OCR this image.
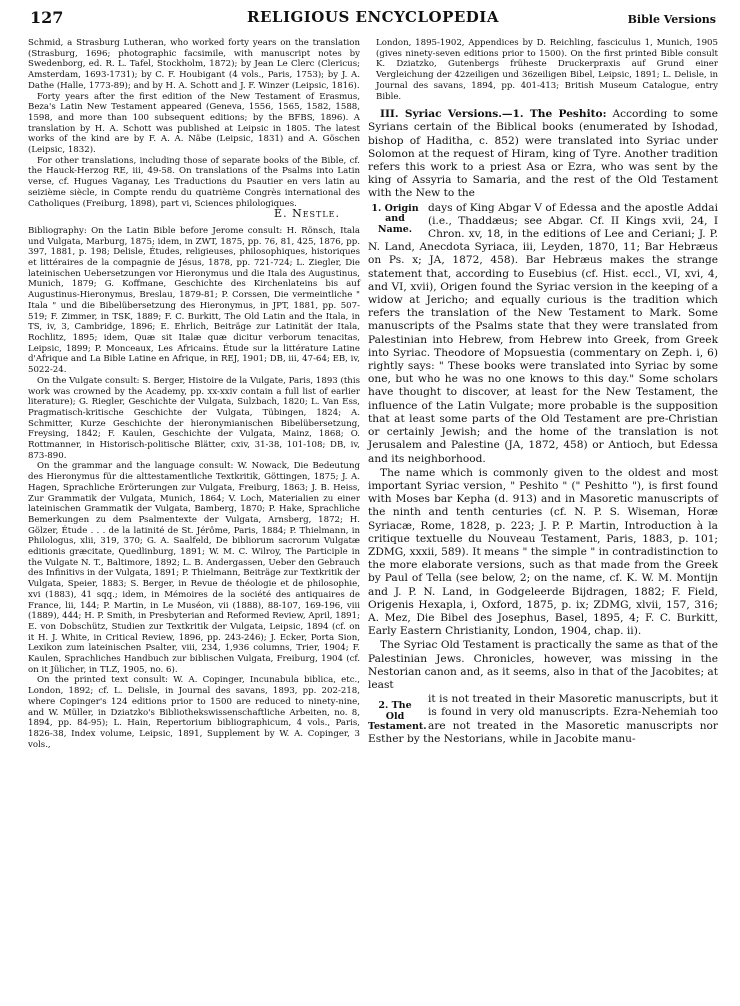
127	RELIGIOUS ENCYCLOPEDIA	Bible Versions

Schmid, a Strasburg Lutheran, who worked forty years on the translation (Strasburg, 1696; photographic facsimile, with manuscript notes by Swedenborg, ed. R. L. Tafel, Stockholm, 1872); by Jean Le Clerc (Clericus; Amsterdam, 1693-1731); by C. F. Houbigant (4 vols., Paris, 1753); by J. A. Dathe (Halle, 1773-89); and by H. A. Schott and J. F. Winzer (Leipsic, 1816).

Forty years after the first edition of the New Testament of Erasmus, Beza's Latin New Testament appeared (Geneva, 1556, 1565, 1582, 1588, 1598, and more than 100 subsequent editions; by the BFBS, 1896). A translation by H. A. Schott was published at Leipsic in 1805. The latest works of the kind are by F. A. A. Näbe (Leipsic, 1831) and A. Göschen (Leipsic, 1832).

For other translations, including those of separate books of the Bible, cf. the Hauck-Herzog RE, iii, 49-58. On translations of the Psalms into Latin verse, cf. Hugues Vaganay, Les Traductions du Psautier en vers latin au seizième siècle, in Compte rendu du quatrième Congrès international des Catholiques (Freiburg, 1898), part vi, Sciences philologiques.

E. Nestle.

Bibliography: On the Latin Bible before Jerome consult: H. Rönsch, Itala und Vulgata, Marburg, 1875; idem, in ZWT, 1875, pp. 76, 81, 425, 1876, pp. 397, 1881, p. 198; Delisle, Études, religieuses, philosophiques, historiques et littéraires de la compagnie de Jésus, 1878, pp. 721-724; L. Ziegler, Die lateinischen Uebersetzungen vor Hieronymus und die Itala des Augustinus, Munich, 1879; G. Koffmane, Geschichte des Kirchenlateins bis auf Augustinus-Hieronymus, Breslau, 1879-81; P. Corssen, Die vermeintliche " Itala " und die Bibelübersetzung des Hieronymus, in JPT, 1881, pp. 507-519; F. Zimmer, in TSK, 1889; F. C. Burkitt, The Old Latin and the Itala, in TS, iv, 3, Cambridge, 1896; E. Ehrlich, Beiträge zur Latinität der Itala, Rochlitz, 1895; idem, Quæ sit Italæ quæ dicitur verborum tenacitas, Leipsic, 1899; P. Monceaux, Les Africains. Étude sur la littérature Latine d'Afrique and La Bible Latine en Afrique, in REJ, 1901; DB, iii, 47-64; EB, iv, 5022-24.

On the Vulgate consult: S. Berger, Histoire de la Vulgate, Paris, 1893 (this work was crowned by the Academy, pp. xx-xxiv contain a full list of earlier literature); G. Riegler, Geschichte der Vulgata, Sulzbach, 1820; L. Van Ess, Pragmatisch-kritische Geschichte der Vulgata, Tübingen, 1824; A. Schmitter, Kurze Geschichte der hieronymianischen Bibelübersetzung, Freysing, 1842; F. Kaulen, Geschichte der Vulgata, Mainz, 1868; O. Rottmanner, in Historisch-politische Blätter, cxiv, 31-38, 101-108; DB, iv, 873-890.

On the grammar and the language consult: W. Nowack, Die Bedeutung des Hieronymus für die alttestamentliche Textkritik, Göttingen, 1875; J. A. Hagen, Sprachliche Erörterungen zur Vulgata, Freiburg, 1863; J. B. Heiss, Zur Grammatik der Vulgata, Munich, 1864; V. Loch, Materialien zu einer lateinischen Grammatik der Vulgata, Bamberg, 1870; P. Hake, Sprachliche Bemerkungen zu dem Psalmentexte der Vulgata, Arnsberg, 1872; H. Gölzer, Étude . . . de la latinité de St. Jérôme, Paris, 1884; P. Thielmann, in Philologus, xlii, 319, 370; G. A. Saalfeld, De bibliorum sacrorum Vulgatæ editionis græcitate, Quedlinburg, 1891; W. M. C. Wilroy, The Participle in the Vulgate N. T., Baltimore, 1892; L. B. Andergassen, Ueber den Gebrauch des Infinitivs in der Vulgata, 1891; P. Thielmann, Beiträge zur Textkritik der Vulgata, Speier, 1883; S. Berger, in Revue de théologie et de philosophie, xvi (1883), 41 sqq.; idem, in Mémoires de la société des antiquaires de France, lii, 144; P. Martin, in Le Muséon, vii (1888), 88-107, 169-196, viii (1889), 444; H. P. Smith, in Presbyterian and Reformed Review, April, 1891; E. von Dobschütz, Studien zur Textkritik der Vulgata, Leipsic, 1894 (cf. on it H. J. White, in Critical Review, 1896, pp. 243-246); J. Ecker, Porta Sion, Lexikon zum lateinischen Psalter, viii, 234, 1,936 columns, Trier, 1904; F. Kaulen, Sprachliches Handbuch zur biblischen Vulgata, Freiburg, 1904 (cf. on it Jülicher, in TLZ, 1905, no. 6).

On the printed text consult: W. A. Copinger, Incunabula biblica, etc., London, 1892; cf. L. Delisle, in Journal des savans, 1893, pp. 202-218, where Copinger's 124 editions prior to 1500 are reduced to ninety-nine, and W. Müller, in Dziatzko's Bibliothekswissenschaftliche Arbeiten, no. 8, 1894, pp. 84-95); L. Hain, Repertorium bibliographicum, 4 vols., Paris, 1826-38, Index volume, Leipsic, 1891, Supplement by W. A. Copinger, 3 vols.,

London, 1895-1902, Appendices by D. Reichling, fasciculus 1, Munich, 1905 (gives ninety-seven editions prior to 1500). On the first printed Bible consult K. Dziatzko, Gutenbergs früheste Druckerpraxis auf Grund einer Vergleichung der 42zeiligen und 36zeiligen Bibel, Leipsic, 1891; L. Delisle, in Journal des savans, 1894, pp. 401-413; British Museum Catalogue, entry Bible.

III. Syriac Versions.—1. The Peshito: According to some Syrians certain of the Biblical books (enumerated by Ishodad, bishop of Haditha, c. 852) were translated into Syriac under Solomon at the request of Hiram, king of Tyre. Another tradition refers this work to a priest Asa or Ezra, who was sent by the king of Assyria to Samaria, and the rest of the Old Testament with the New to the

1. Origin and Name.

days of King Abgar V of Edessa and the apostle Addai (i.e., Thaddæus; see Abgar. Cf. II Kings xvii, 24, I Chron. xv, 18, in the editions of Lee and Ceriani; J. P. N. Land, Anecdota Syriaca, iii, Leyden, 1870, 11; Bar Hebræus on Ps. x; JA, 1872, 458). Bar Hebræus makes the strange statement that, according to Eusebius (cf. Hist. eccl., VI, xvi, 4, and VI, xvii), Origen found the Syriac version in the keeping of a widow at Jericho; and equally curious is the tradition which refers the translation of the New Testament to Mark. Some manuscripts of the Psalms state that they were translated from Palestinian into Hebrew, from Hebrew into Greek, from Greek into Syriac. Theodore of Mopsuestia (commentary on Zeph. i, 6) rightly says: " These books were translated into Syriac by some one, but who he was no one knows to this day." Some scholars have thought to discover, at least for the New Testament, the influence of the Latin Vulgate; more probable is the supposition that at least some parts of the Old Testament are pre-Christian or certainly Jewish; and the home of the translation is not Jerusalem and Palestine (JA, 1872, 458) or Antioch, but Edessa and its neighborhood.

The name which is commonly given to the oldest and most important Syriac version, " Peshito " (" Peshitto "), is first found with Moses bar Kepha (d. 913) and in Masoretic manuscripts of the ninth and tenth centuries (cf. N. P. S. Wiseman, Horæ Syriacæ, Rome, 1828, p. 223; J. P. P. Martin, Introduction à la critique textuelle du Nouveau Testament, Paris, 1883, p. 101; ZDMG, xxxii, 589). It means " the simple " in contradistinction to the more elaborate versions, such as that made from the Greek by Paul of Tella (see below, 2; on the name, cf. K. W. M. Montijn and J. P. N. Land, in Godgeleerde Bijdragen, 1882; F. Field, Origenis Hexapla, i, Oxford, 1875, p. ix; ZDMG, xlvii, 157, 316; A. Mez, Die Bibel des Josephus, Basel, 1895, 4; F. C. Burkitt, Early Eastern Christianity, London, 1904, chap. ii).

The Syriac Old Testament is practically the same as that of the Palestinian Jews. Chronicles, however, was missing in the Nestorian canon and, as it seems, also in that of the Jacobites; at least

2. The Old Testament.

it is not treated in their Masoretic manuscripts, but it is found in very old manuscripts. Ezra-Nehemiah too are not treated in the Masoretic manuscripts nor Esther by the Nestorians, while in Jacobite manu-
